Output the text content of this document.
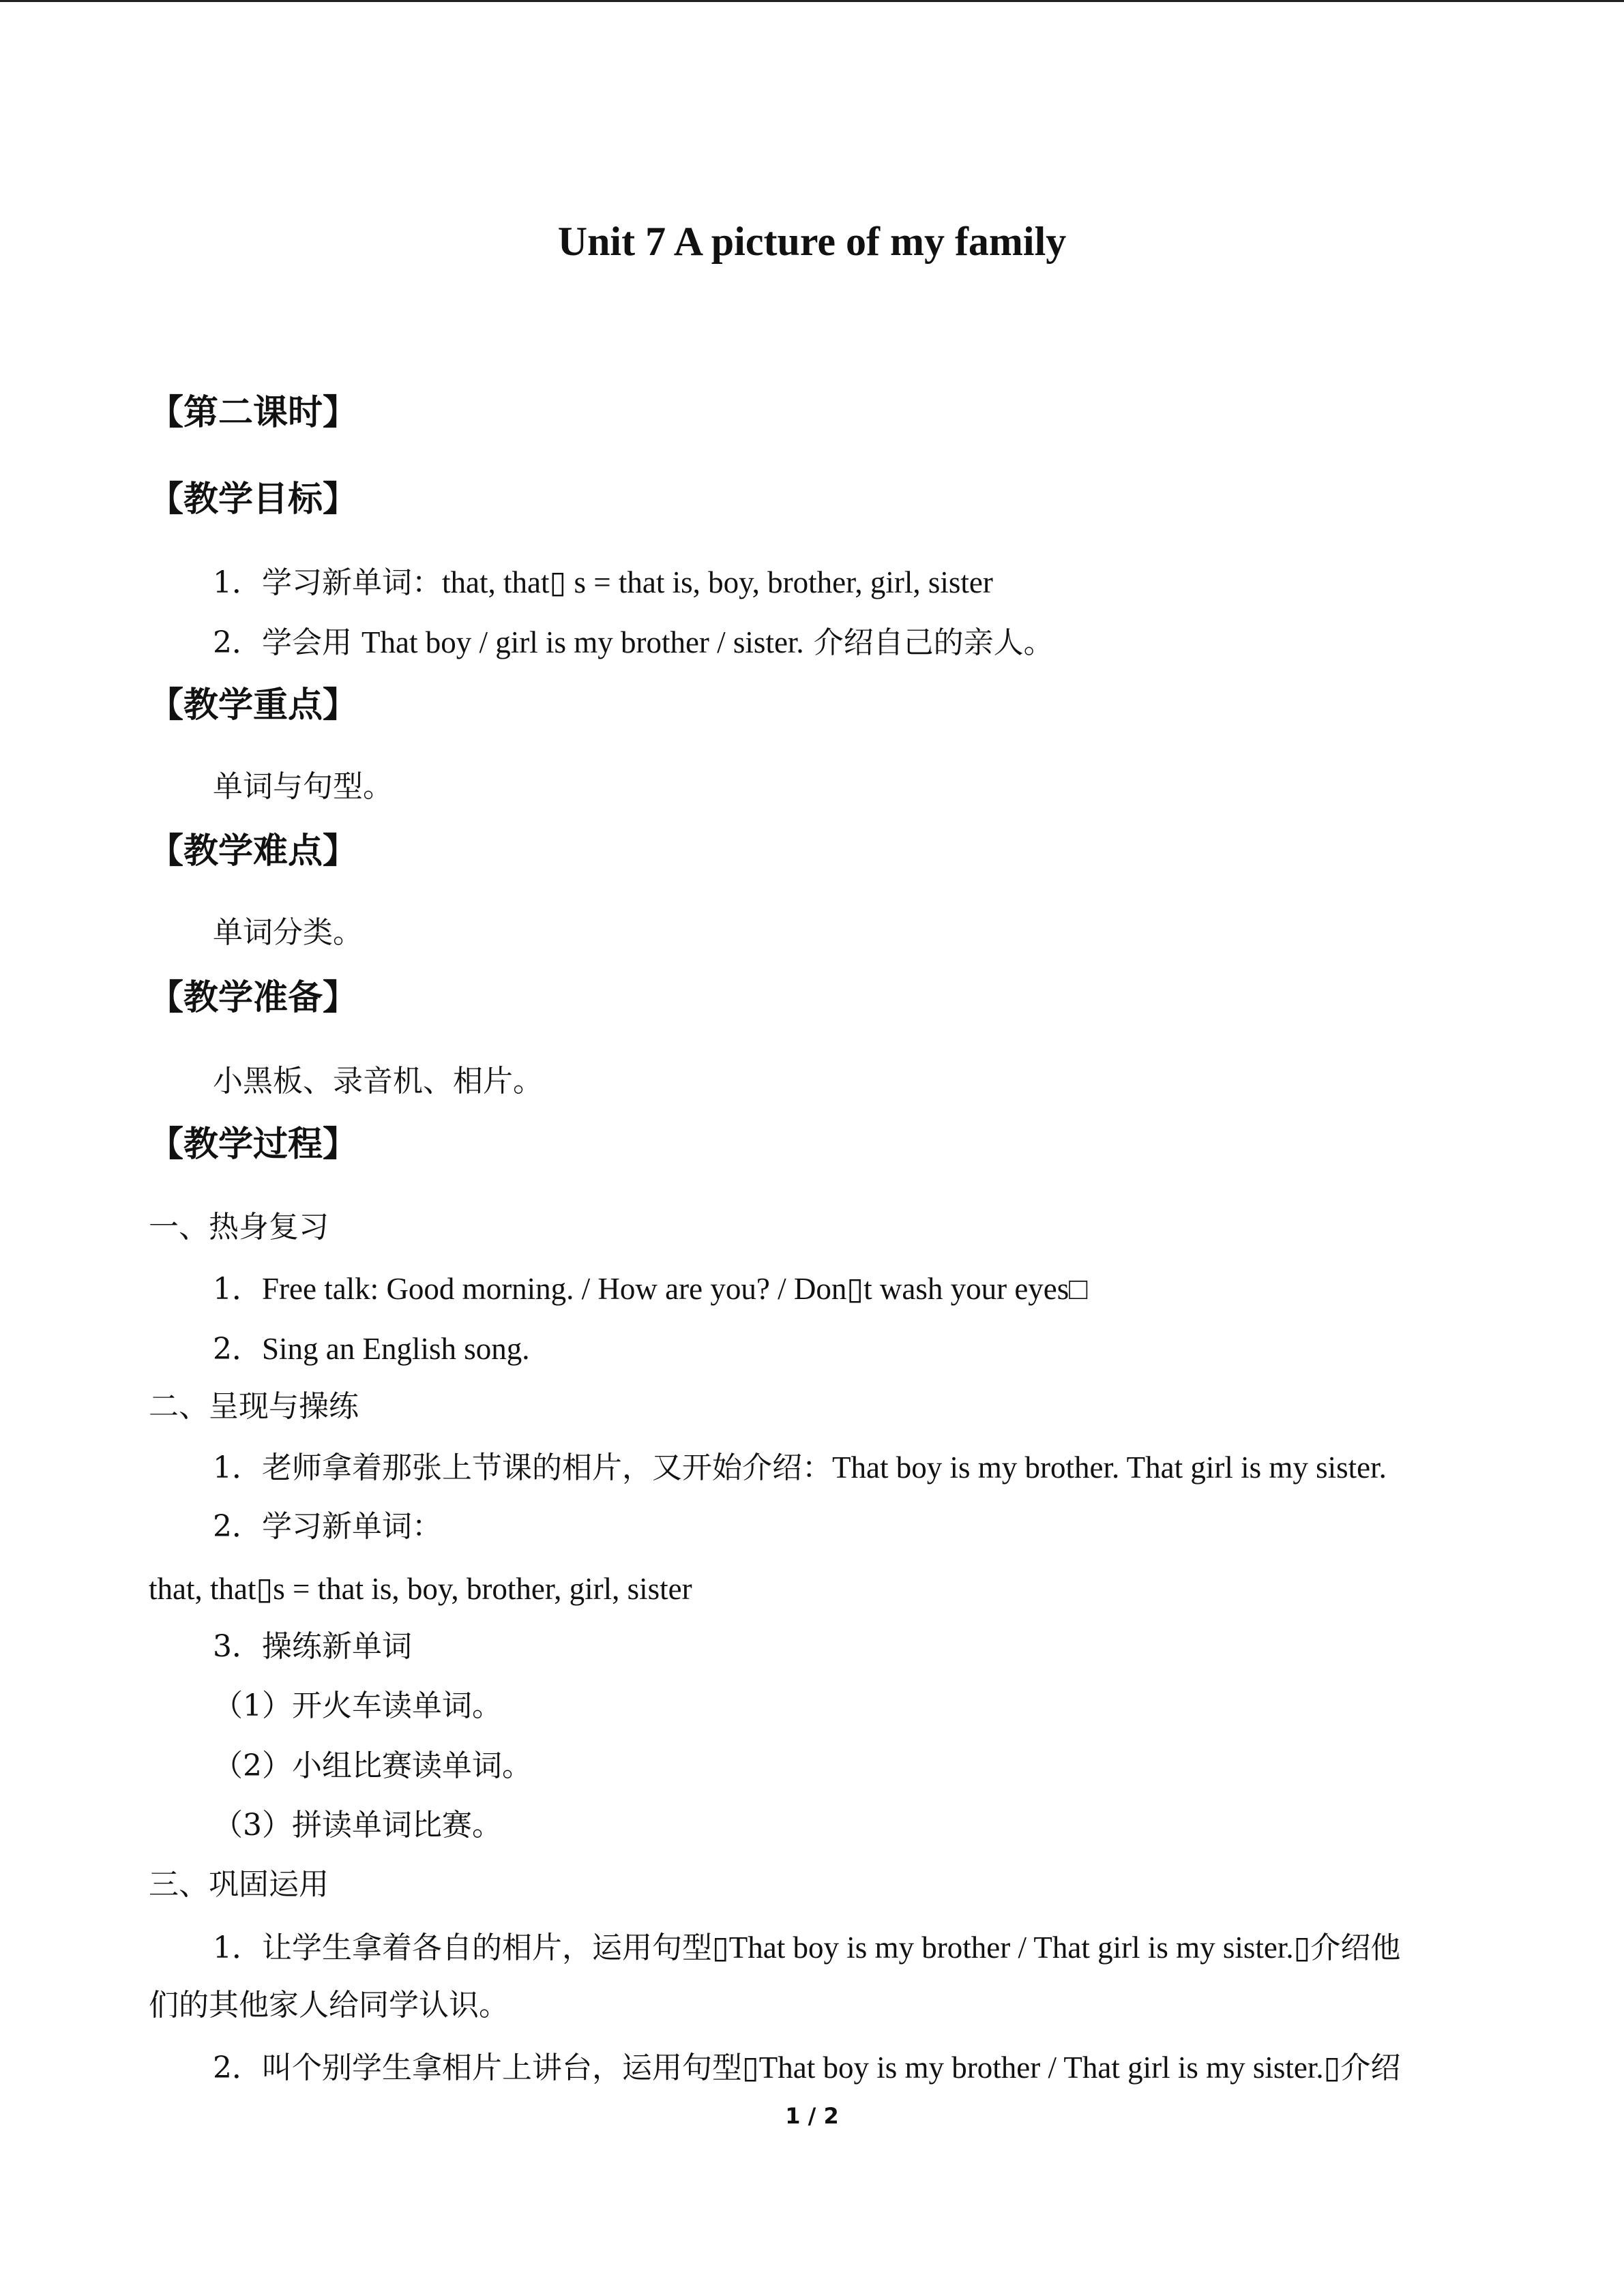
Unit 7 A picture of my family
【第二课时】
【教学目标】
1．学习新单词：that, that▯ s = that is, boy, brother, girl, sister
2．学会用 That boy / girl is my brother / sister. 介绍自己的亲人。
【教学重点】
单词与句型。
【教学难点】
单词分类。
【教学准备】
小黑板、录音机、相片。
【教学过程】
一、热身复习
1．Free talk: Good morning. / How are you? / Don▯t wash your eyes□
2．Sing an English song.
二、呈现与操练
1．老师拿着那张上节课的相片，又开始介绍：That boy is my brother. That girl is my sister.
2．学习新单词：
that, that▯s = that is, boy, brother, girl, sister
3．操练新单词
（1）开火车读单词。
（2）小组比赛读单词。
（3）拼读单词比赛。
三、巩固运用
1．让学生拿着各自的相片，运用句型▯That boy is my brother / That girl is my sister.▯介绍他
们的其他家人给同学认识。
2．叫个别学生拿相片上讲台，运用句型▯That boy is my brother / That girl is my sister.▯介绍
1 / 2
